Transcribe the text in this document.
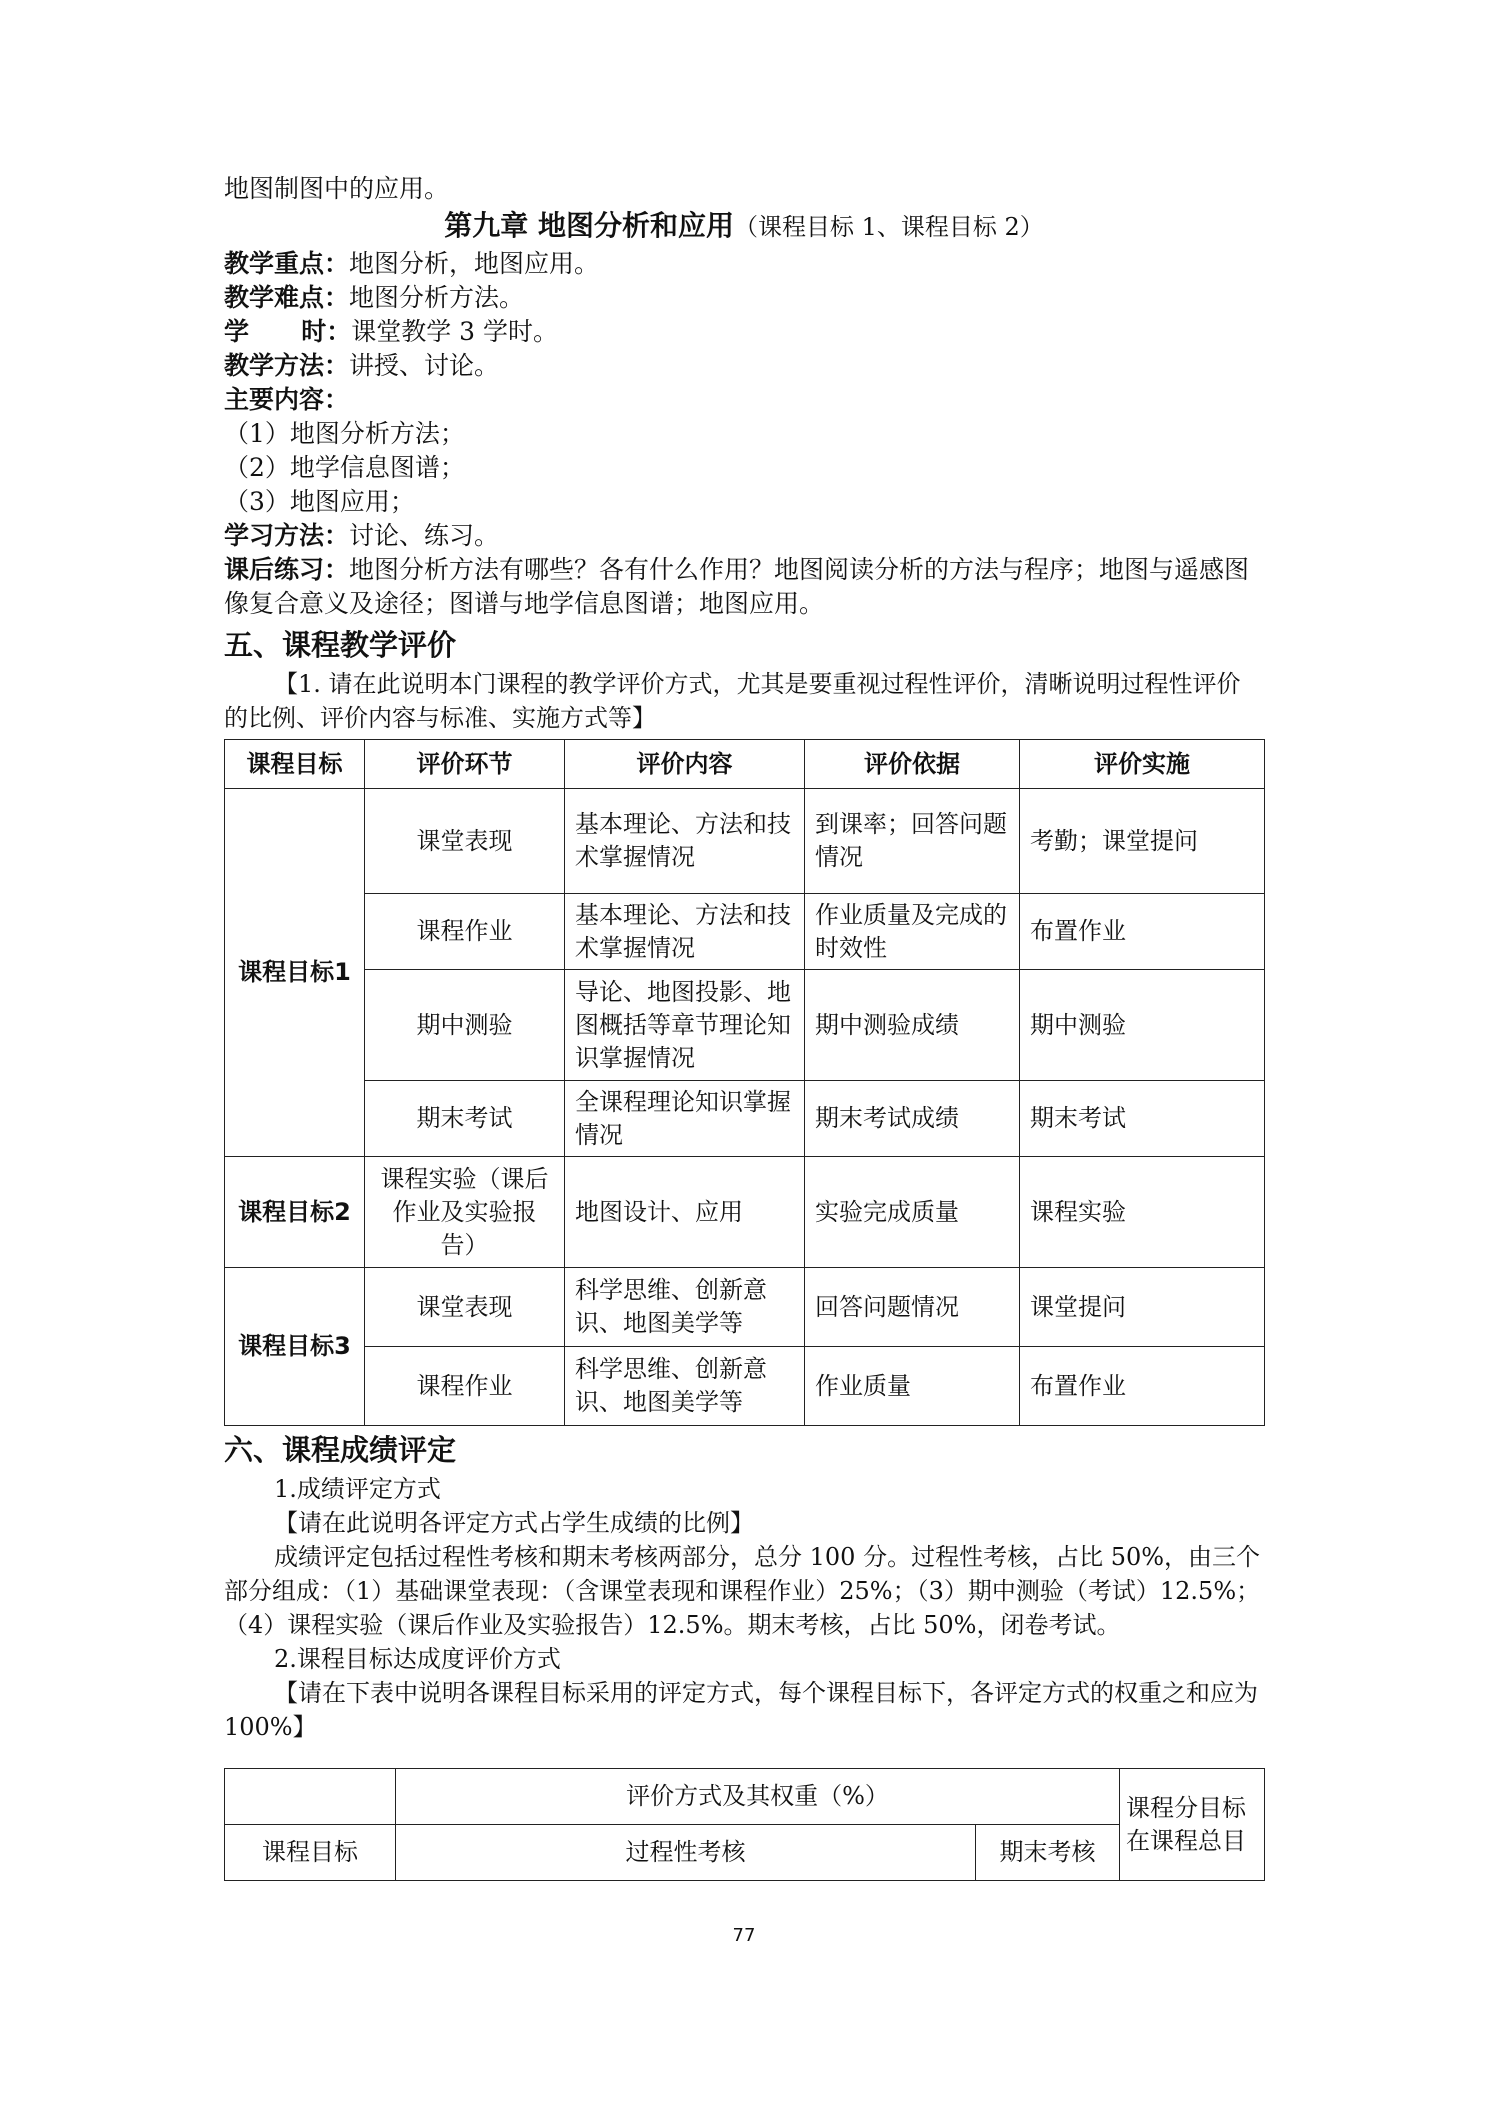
地图制图中的应用。

第九章 地图分析和应用（课程目标 1、课程目标 2）

教学重点：地图分析，地图应用。

教学难点：地图分析方法。

学      时：课堂教学 3 学时。

教学方法：讲授、讨论。

主要内容：

（1）地图分析方法；

（2）地学信息图谱；

（3）地图应用；

学习方法：讨论、练习。

课后练习：地图分析方法有哪些？各有什么作用？地图阅读分析的方法与程序；地图与遥感图像复合意义及途径；图谱与地学信息图谱；地图应用。

五、课程教学评价

【1. 请在此说明本门课程的教学评价方式，尤其是要重视过程性评价，清晰说明过程性评价的比例、评价内容与标准、实施方式等】

课程目标	评价环节	评价内容	评价依据	评价实施
课程目标1	课堂表现	基本理论、方法和技术掌握情况	到课率；回答问题情况	考勤；课堂提问
	课程作业	基本理论、方法和技术掌握情况	作业质量及完成的时效性	布置作业
	期中测验	导论、地图投影、地图概括等章节理论知识掌握情况	期中测验成绩	期中测验
	期末考试	全课程理论知识掌握情况	期末考试成绩	期末考试
课程目标2	课程实验（课后作业及实验报告）	地图设计、应用	实验完成质量	课程实验
课程目标3	课堂表现	科学思维、创新意识、地图美学等	回答问题情况	课堂提问
	课程作业	科学思维、创新意识、地图美学等	作业质量	布置作业
六、课程成绩评定

1.成绩评定方式

【请在此说明各评定方式占学生成绩的比例】

成绩评定包括过程性考核和期末考核两部分，总分 100 分。过程性考核，占比 50%，由三个部分组成：（1）基础课堂表现：（含课堂表现和课程作业）25%；（3）期中测验（考试）12.5%；（4）课程实验（课后作业及实验报告）12.5%。期末考核，占比 50%，闭卷考试。

2.课程目标达成度评价方式

【请在下表中说明各课程目标采用的评定方式，每个课程目标下，各评定方式的权重之和应为 100%】

	评价方式及其权重（%）		课程分目标在课程总目
课程目标	过程性考核	期末考核	
77
